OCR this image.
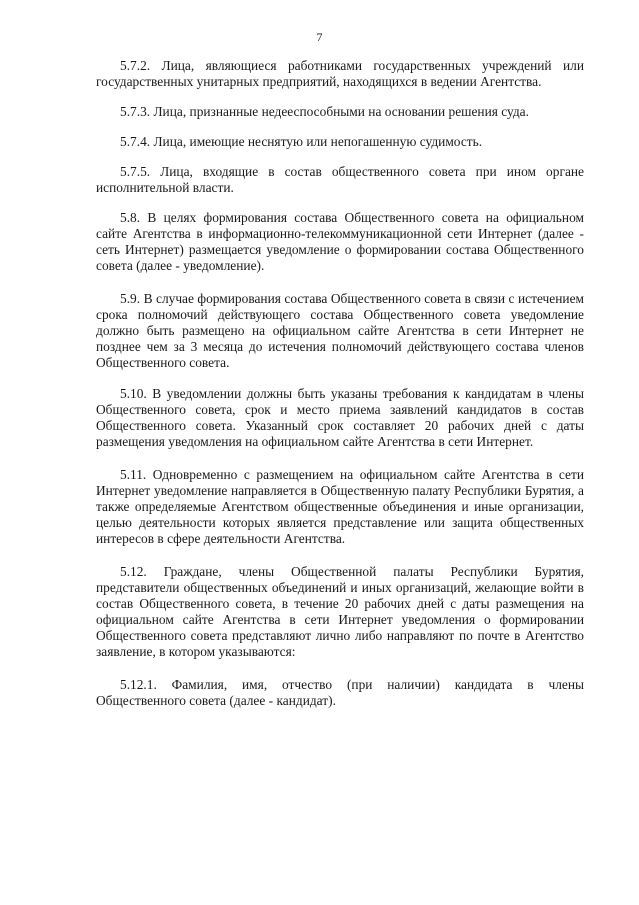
7

5.7.2. Лица, являющиеся работниками государственных учреждений или государственных унитарных предприятий, находящихся в ведении Агентства.

5.7.3. Лица, признанные недееспособными на основании решения суда.

5.7.4. Лица, имеющие неснятую или непогашенную судимость.

5.7.5. Лица, входящие в состав общественного совета при ином органе исполнительной власти.

5.8. В целях формирования состава Общественного совета на официальном сайте Агентства в информационно-телекоммуникационной сети Интернет (далее - сеть Интернет) размещается уведомление о формировании состава Общественного совета (далее - уведомление).

5.9. В случае формирования состава Общественного совета в связи с истечением срока полномочий действующего состава Общественного совета уведомление должно быть размещено на официальном сайте Агентства в сети Интернет не позднее чем за 3 месяца до истечения полномочий действующего состава членов Общественного совета.

5.10. В уведомлении должны быть указаны требования к кандидатам в члены Общественного совета, срок и место приема заявлений кандидатов в состав Общественного совета. Указанный срок составляет 20 рабочих дней с даты размещения уведомления на официальном сайте Агентства в сети Интернет.

5.11. Одновременно с размещением на официальном сайте Агентства в сети Интернет уведомление направляется в Общественную палату Республики Бурятия, а также определяемые Агентством общественные объединения и иные организации, целью деятельности которых является представление или защита общественных интересов в сфере деятельности Агентства.

5.12. Граждане, члены Общественной палаты Республики Бурятия, представители общественных объединений и иных организаций, желающие войти в состав Общественного совета, в течение 20 рабочих дней с даты размещения на официальном сайте Агентства в сети Интернет уведомления о формировании Общественного совета представляют лично либо направляют по почте в Агентство заявление, в котором указываются:

5.12.1. Фамилия, имя, отчество (при наличии) кандидата в члены Общественного совета (далее - кандидат).
